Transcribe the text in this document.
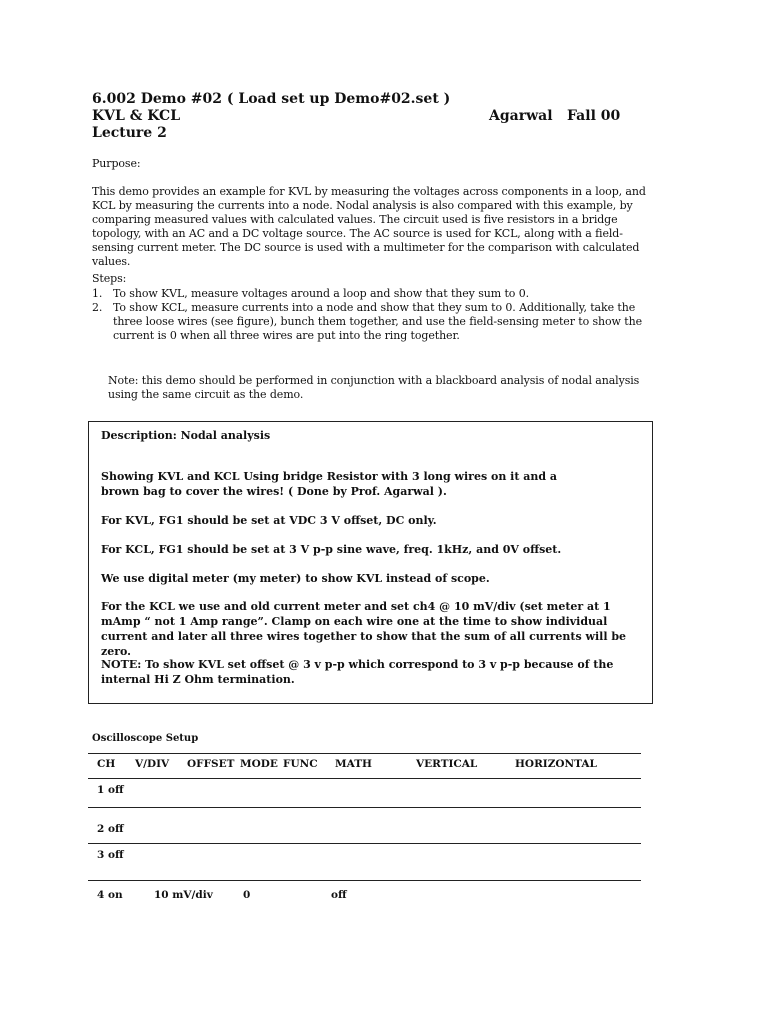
6.002 Demo #02 ( Load set up Demo#02.set )
KVL & KCL	Agarwal Fall 00
Lecture 2
Purpose:
This demo provides an example for KVL by measuring the voltages across components in a loop, and KCL by measuring the currents into a node. Nodal analysis is also compared with this example, by comparing measured values with calculated values. The circuit used is five resistors in a bridge topology, with an AC and a DC voltage source. The AC source is used for KCL, along with a field-sensing current meter. The DC source is used with a multimeter for the comparison with calculated values.
Steps:
1. To show KVL, measure voltages around a loop and show that they sum to 0.
2. To show KCL, measure currents into a node and show that they sum to 0. Additionally, take the three loose wires (see figure), bunch them together, and use the field-sensing meter to show the current is 0 when all three wires are put into the ring together.
Note: this demo should be performed in conjunction with a blackboard analysis of nodal analysis using the same circuit as the demo.
Description: Nodal analysis
Showing KVL and KCL Using bridge Resistor with 3 long wires on it and a brown bag to cover the wires! ( Done by Prof. Agarwal ).
For KVL, FG1 should be set at VDC 3 V offset, DC only.
For KCL, FG1 should be set at 3 V p-p sine wave, freq. 1kHz, and 0V offset.
We use digital meter (my meter) to show KVL instead of scope.
For the KCL we use and old current meter and set ch4 @ 10 mV/div (set meter at 1 mAmp “ not 1 Amp range”. Clamp on each wire one at the time to show individual current and later all three wires together to show that the sum of all currents will be zero.
NOTE: To show KVL set offset @ 3 v p-p which correspond to 3 v p-p because of the internal Hi Z Ohm termination.
Oscilloscope Setup
CH V/DIV OFFSET MODE FUNC MATH	VERTICAL	HORIZONTAL
1 off
2 off
3 off
4 on	10 mV/div	0	off
